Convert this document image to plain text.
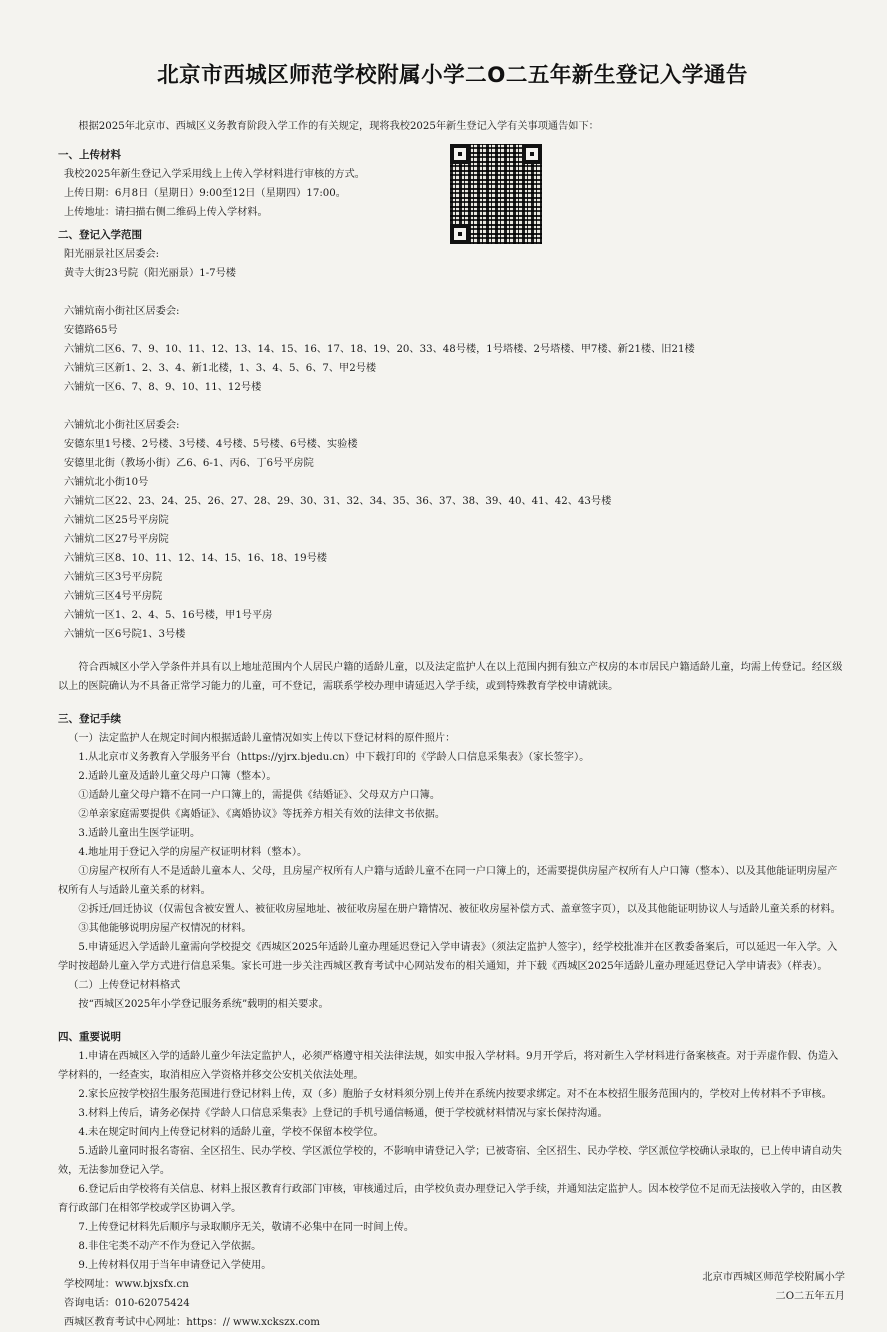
北京市西城区师范学校附属小学二O二五年新生登记入学通告
根据2025年北京市、西城区义务教育阶段入学工作的有关规定，现将我校2025年新生登记入学有关事项通告如下：
一、上传材料
我校2025年新生登记入学采用线上上传入学材料进行审核的方式。
上传日期：6月8日（星期日）9:00至12日（星期四）17:00。
上传地址：请扫描右侧二维码上传入学材料。
二、登记入学范围
阳光丽景社区居委会:
黄寺大街23号院（阳光丽景）1-7号楼
六铺炕南小街社区居委会:
安德路65号
六铺炕二区6、7、9、10、11、12、13、14、15、16、17、18、19、20、33、48号楼，1号塔楼、2号塔楼、甲7楼、新21楼、旧21楼
六铺炕三区新1、2、3、4、新1北楼，1、3、4、5、6、7、甲2号楼
六铺炕一区6、7、8、9、10、11、12号楼
六铺炕北小街社区居委会:
安德东里1号楼、2号楼、3号楼、4号楼、5号楼、6号楼、实验楼
安德里北街（教场小街）乙6、6-1、丙6、丁6号平房院
六铺炕北小街10号
六铺炕二区22、23、24、25、26、27、28、29、30、31、32、34、35、36、37、38、39、40、41、42、43号楼
六铺炕二区25号平房院
六铺炕二区27号平房院
六铺炕三区8、10、11、12、14、15、16、18、19号楼
六铺炕三区3号平房院
六铺炕三区4号平房院
六铺炕一区1、2、4、5、16号楼，甲1号平房
六铺炕一区6号院1、3号楼
符合西城区小学入学条件并具有以上地址范围内个人居民户籍的适龄儿童，以及法定监护人在以上范围内拥有独立产权房的本市居民户籍适龄儿童，均需上传登记。经区级以上的医院确认为不具备正常学习能力的儿童，可不登记，需联系学校办理申请延迟入学手续，或到特殊教育学校申请就读。
三、登记手续
（一）法定监护人在规定时间内根据适龄儿童情况如实上传以下登记材料的原件照片：
1.从北京市义务教育入学服务平台（https://yjrx.bjedu.cn）中下载打印的《学龄人口信息采集表》（家长签字）。
2.适龄儿童及适龄儿童父母户口簿（整本）。
①适龄儿童父母户籍不在同一户口簿上的，需提供《结婚证》、父母双方户口簿。
②单亲家庭需要提供《离婚证》、《离婚协议》等抚养方相关有效的法律文书依据。
3.适龄儿童出生医学证明。
4.地址用于登记入学的房屋产权证明材料（整本）。
①房屋产权所有人不是适龄儿童本人、父母，且房屋产权所有人户籍与适龄儿童不在同一户口簿上的，还需要提供房屋产权所有人户口簿（整本）、以及其他能证明房屋产权所有人与适龄儿童关系的材料。
②拆迁/回迁协议（仅需包含被安置人、被征收房屋地址、被征收房屋在册户籍情况、被征收房屋补偿方式、盖章签字页），以及其他能证明协议人与适龄儿童关系的材料。
③其他能够说明房屋产权情况的材料。
5.申请延迟入学适龄儿童需向学校提交《西城区2025年适龄儿童办理延迟登记入学申请表》（须法定监护人签字），经学校批准并在区教委备案后，可以延迟一年入学。入学时按超龄儿童入学方式进行信息采集。家长可进一步关注西城区教育考试中心网站发布的相关通知，并下载《西城区2025年适龄儿童办理延迟登记入学申请表》（样表）。
（二）上传登记材料格式
按“西城区2025年小学登记服务系统”载明的相关要求。
四、重要说明
1.申请在西城区入学的适龄儿童少年法定监护人，必须严格遵守相关法律法规，如实申报入学材料。9月开学后，将对新生入学材料进行备案核查。对于弄虚作假、伪造入学材料的，一经查实，取消相应入学资格并移交公安机关依法处理。
2.家长应按学校招生服务范围进行登记材料上传，双（多）胞胎子女材料须分别上传并在系统内按要求绑定。对不在本校招生服务范围内的，学校对上传材料不予审核。
3.材料上传后，请务必保持《学龄人口信息采集表》上登记的手机号通信畅通，便于学校就材料情况与家长保持沟通。
4.未在规定时间内上传登记材料的适龄儿童，学校不保留本校学位。
5.适龄儿童同时报名寄宿、全区招生、民办学校、学区派位学校的，不影响申请登记入学；已被寄宿、全区招生、民办学校、学区派位学校确认录取的，已上传申请自动失效，无法参加登记入学。
6.登记后由学校将有关信息、材料上报区教育行政部门审核，审核通过后，由学校负责办理登记入学手续，并通知法定监护人。因本校学位不足而无法接收入学的，由区教育行政部门在相邻学校或学区协调入学。
7.上传登记材料先后顺序与录取顺序无关，敬请不必集中在同一时间上传。
8.非住宅类不动产不作为登记入学依据。
9.上传材料仅用于当年申请登记入学使用。
学校网址：www.bjxsfx.cn
咨询电话：010-62075424
西城区教育考试中心网址：https：// www.xckszx.com
北京市西城区师范学校附属小学
二O二五年五月
